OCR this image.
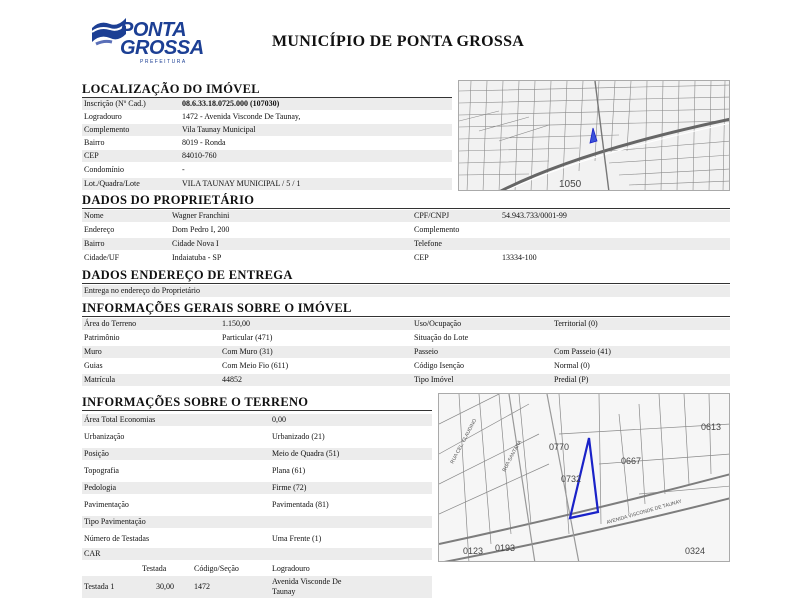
PONTA
GROSSA
PREFEITURA
MUNICÍPIO DE PONTA GROSSA
LOCALIZAÇÃO DO IMÓVEL
Inscrição (Nº Cad.)	08.6.33.18.0725.000 (107030)
Logradouro	1472 - Avenida Visconde De Taunay,
Complemento	Vila Taunay Municipal
Bairro	8019 - Ronda
CEP	84010-760
Condomínio	-
Lot./Quadra/Lote	VILA TAUNAY MUNICIPAL / 5 / 1	1050
DADOS DO PROPRIETÁRIO
Nome	Wagner Franchini	CPF/CNPJ	54.943.733/0001-99
Endereço	Dom Pedro I, 200	Complemento
Bairro	Cidade Nova I	Telefone
Cidade/UF	Indaiatuba - SP	CEP	13334-100
DADOS ENDEREÇO DE ENTREGA
Entrega no endereço do Proprietário
INFORMAÇÕES GERAIS SOBRE O IMÓVEL
Área do Terreno	1.150,00	Uso/Ocupação	Territorial (0)
Patrimônio	Particular (471)	Situação do Lote
Muro	Com Muro (31)	Passeio	Com Passeio (41)
Guias	Com Meio Fio (611)	Código Isenção	Normal (0)
Matrícula	44852	Tipo Imóvel	Predial (P)
INFORMAÇÕES SOBRE O TERRENO
Área Total Economias	0,00
Urbanização	Urbanizado (21)
Posição	Meio de Quadra (51)
Topografia	Plana (61)
Pedologia	Firme (72)
Pavimentação	Pavimentada (81)
Tipo Pavimentação
Número de Testadas	Uma Frente (1)
CAR
Testada	Código/Seção	Logradouro
Testada 1	30,00	1472
Avenida Visconde De
Taunay
0613
0770
0667
0732
0123 0193	0324
RUA CEL. CLAUDINO	RUA SANTANA
AVENIDA VISCONDE DE TAUNAY
